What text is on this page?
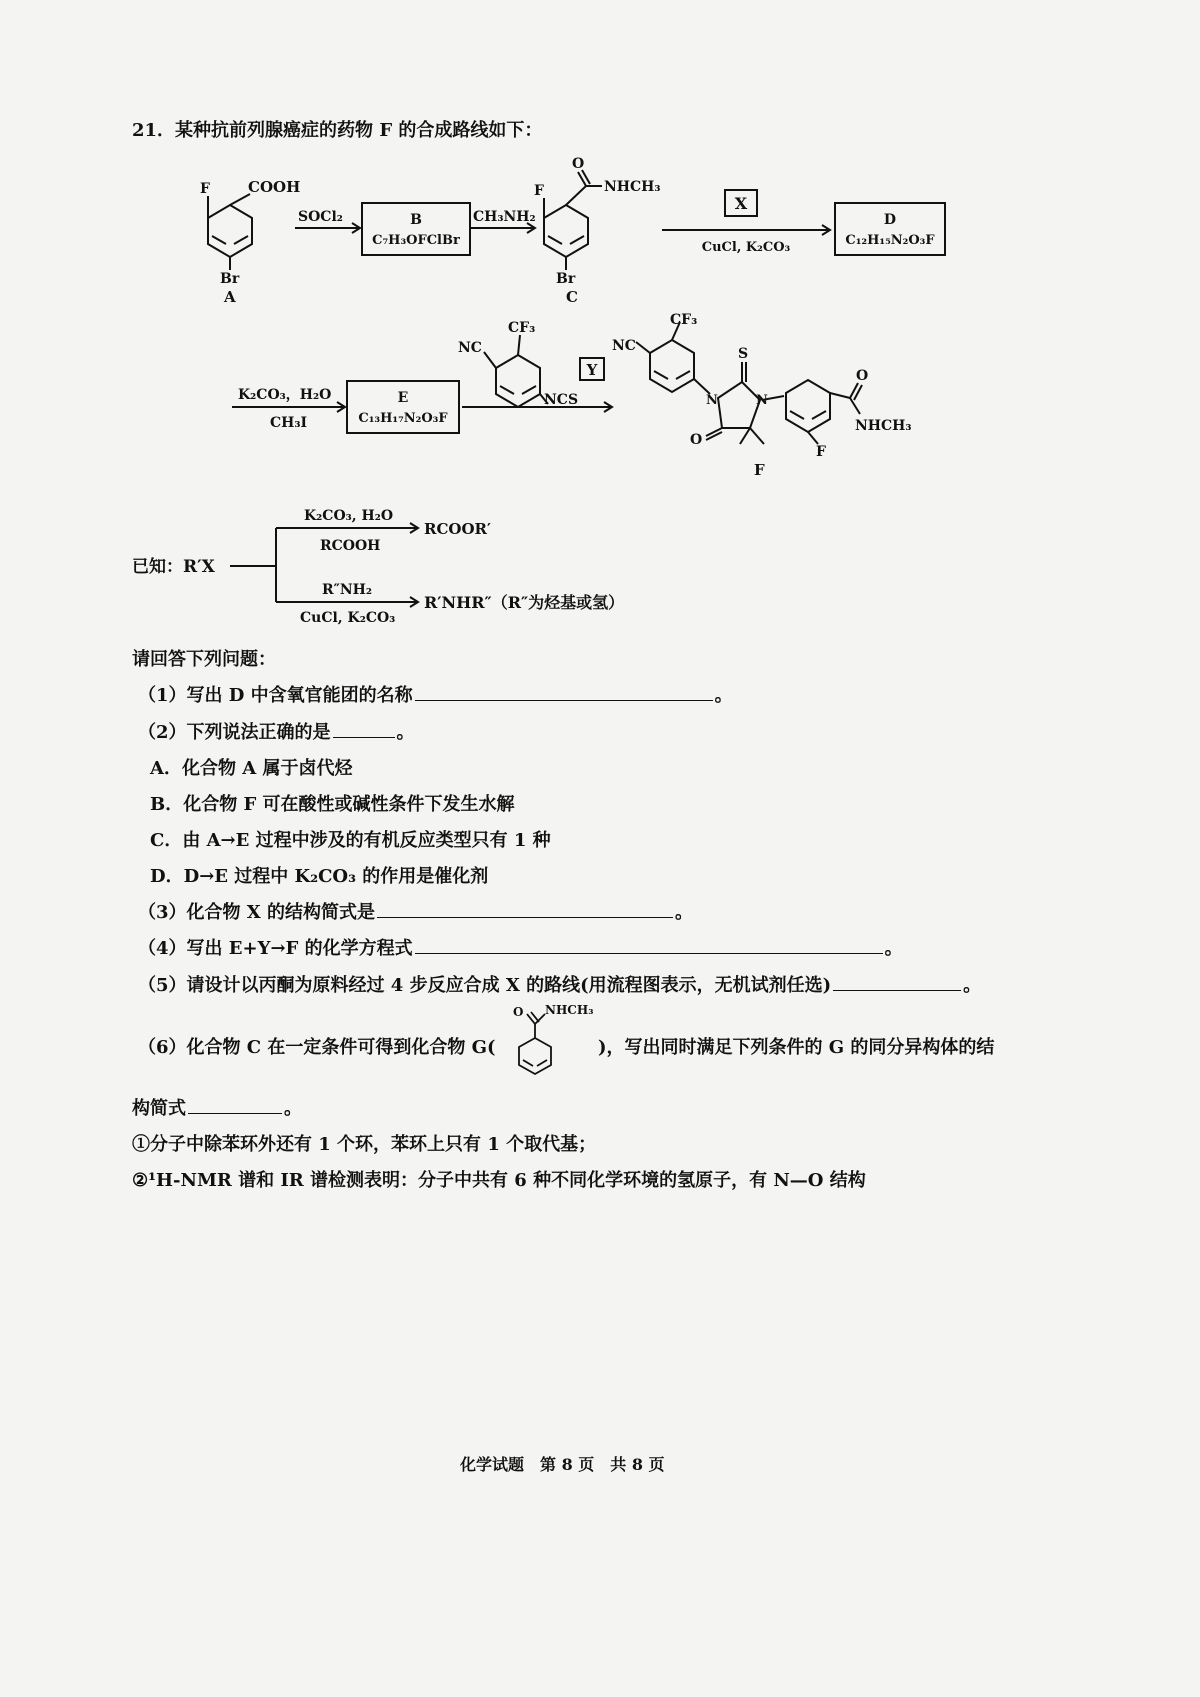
21．某种抗前列腺癌症的药物 F 的合成路线如下：
F	COOH
Br
A
SOCl₂	B
C₇H₃OFClBr
CH₃NH₂
F
O
NHCH₃
Br
C
X
CuCl, K₂CO₃
D
C₁₂H₁₅N₂O₃F
K₂CO₃，H₂O
CH₃I
E
C₁₃H₁₇N₂O₃F
NC
CF₃
NCS
Y
NC
CF₃
S
N	N
O
O
NHCH₃
F
F
已知：R′X
K₂CO₃, H₂O
RCOOH
RCOOR′
R″NH₂
CuCl, K₂CO₃
R′NHR″（R″为烃基或氢）
请回答下列问题：
（1）写出 D 中含氧官能团的名称	。
（2）下列说法正确的是	。
A．化合物 A 属于卤代烃
B．化合物 F 可在酸性或碱性条件下发生水解
C．由 A→E 过程中涉及的有机反应类型只有 1 种
D．D→E 过程中 K₂CO₃ 的作用是催化剂
（3）化合物 X 的结构简式是	。
（4）写出 E+Y→F 的化学方程式	。
（5）请设计以丙酮为原料经过 4 步反应合成 X 的路线(用流程图表示，无机试剂任选)	。
（6）化合物 C 在一定条件可得到化合物 G(
O NHCH₃
)，写出同时满足下列条件的 G 的同分异构体的结
构简式	。
①分子中除苯环外还有 1 个环，苯环上只有 1 个取代基；
②¹H-NMR 谱和 IR 谱检测表明：分子中共有 6 种不同化学环境的氢原子，有 N—O 结构
化学试题　第 8 页　共 8 页
